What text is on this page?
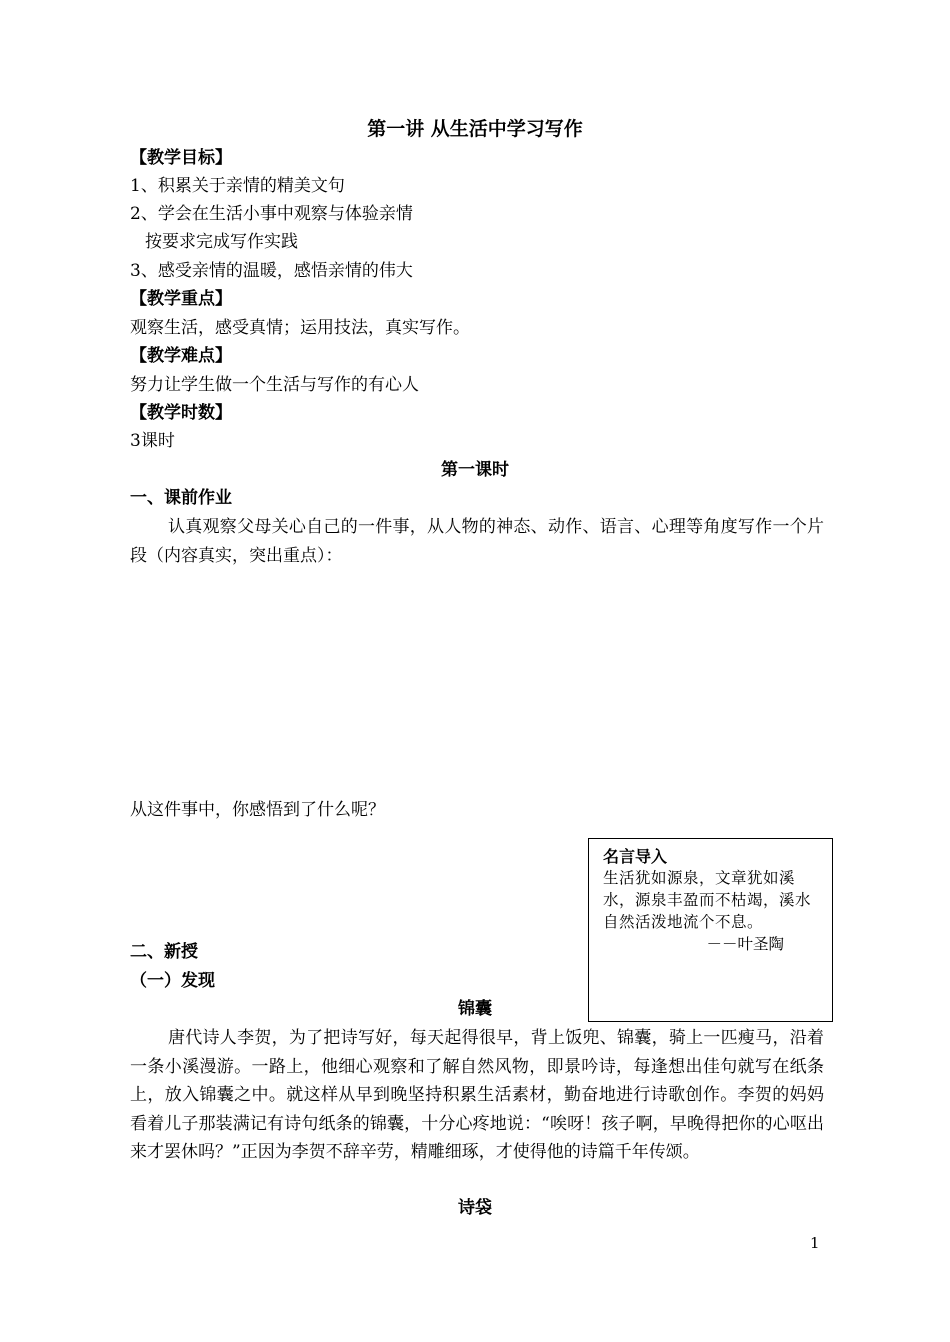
第一讲 从生活中学习写作
【教学目标】
1、积累关于亲情的精美文句
2、学会在生活小事中观察与体验亲情
按要求完成写作实践
3、感受亲情的温暖，感悟亲情的伟大
【教学重点】
观察生活，感受真情；运用技法，真实写作。
【教学难点】
努力让学生做一个生活与写作的有心人
【教学时数】
3课时
第一课时
一、课前作业
认真观察父母关心自己的一件事，从人物的神态、动作、语言、心理等角度写作一个片段（内容真实，突出重点）：
从这件事中，你感悟到了什么呢？
名言导入
生活犹如源泉，文章犹如溪水，源泉丰盈而不枯竭，溪水自然活泼地流个不息。
－－叶圣陶
二、新授
（一）发现
锦囊
唐代诗人李贺，为了把诗写好，每天起得很早，背上饭兜、锦囊，骑上一匹瘦马，沿着一条小溪漫游。一路上，他细心观察和了解自然风物，即景吟诗，每逢想出佳句就写在纸条上，放入锦囊之中。就这样从早到晚坚持积累生活素材，勤奋地进行诗歌创作。李贺的妈妈看着儿子那装满记有诗句纸条的锦囊，十分心疼地说：“唉呀！孩子啊，早晚得把你的心呕出来才罢休吗？”正因为李贺不辞辛劳，精雕细琢，才使得他的诗篇千年传颂。
诗袋
1
